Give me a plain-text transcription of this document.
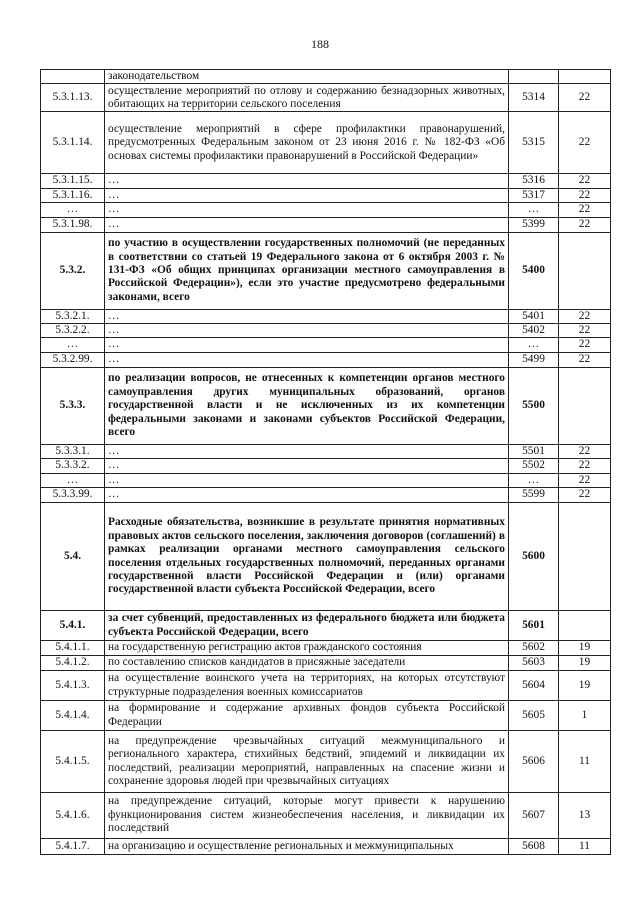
188
	законодательством		
5.3.1.13.	осуществление мероприятий по отлову и содержанию безнадзорных животных, обитающих на территории сельского поселения	5314	22
5.3.1.14.	осуществление мероприятий в сфере профилактики правонарушений, предусмотренных Федеральным законом от 23 июня 2016 г. № 182-ФЗ «Об основах системы профилактики правонарушений в Российской Федерации»	5315	22
5.3.1.15.	…	5316	22
5.3.1.16.	…	5317	22
…	…	…	22
5.3.1.98.	…	5399	22
5.3.2.	по участию в осуществлении государственных полномочий (не переданных в соответствии со статьей 19 Федерального закона от 6 октября 2003 г. № 131-ФЗ «Об общих принципах организации местного самоуправления в Российской Федерации»), если это участие предусмотрено федеральными законами, всего	5400	
5.3.2.1.	…	5401	22
5.3.2.2.	…	5402	22
…	…	…	22
5.3.2.99.	…	5499	22
5.3.3.	по реализации вопросов, не отнесенных к компетенции органов местного самоуправления других муниципальных образований, органов государственной власти и не исключенных из их компетенции федеральными законами и законами субъектов Российской Федерации, всего	5500	
5.3.3.1.	…	5501	22
5.3.3.2.	…	5502	22
…	…	…	22
5.3.3.99.	…	5599	22
5.4.	Расходные обязательства, возникшие в результате принятия нормативных правовых актов сельского поселения, заключения договоров (соглашений) в рамках реализации органами местного самоуправления сельского поселения отдельных государственных полномочий, переданных органами государственной власти Российской Федерации и (или) органами государственной власти субъекта Российской Федерации, всего	5600	
5.4.1.	за счет субвенций, предоставленных из федерального бюджета или бюджета субъекта Российской Федерации, всего	5601	
5.4.1.1.	на государственную регистрацию актов гражданского состояния	5602	19
5.4.1.2.	по составлению списков кандидатов в присяжные заседатели	5603	19
5.4.1.3.	на осуществление воинского учета на территориях, на которых отсутствуют структурные подразделения военных комиссариатов	5604	19
5.4.1.4.	на формирование и содержание архивных фондов субъекта Российской Федерации	5605	1
5.4.1.5.	на предупреждение чрезвычайных ситуаций межмуниципального и регионального характера, стихийных бедствий, эпидемий и ликвидации их последствий, реализации мероприятий, направленных на спасение жизни и сохранение здоровья людей при чрезвычайных ситуациях	5606	11
5.4.1.6.	на предупреждение ситуаций, которые могут привести к нарушению функционирования систем жизнеобеспечения населения, и ликвидации их последствий	5607	13
5.4.1.7.	на организацию и осуществление региональных и межмуниципальных	5608	11
